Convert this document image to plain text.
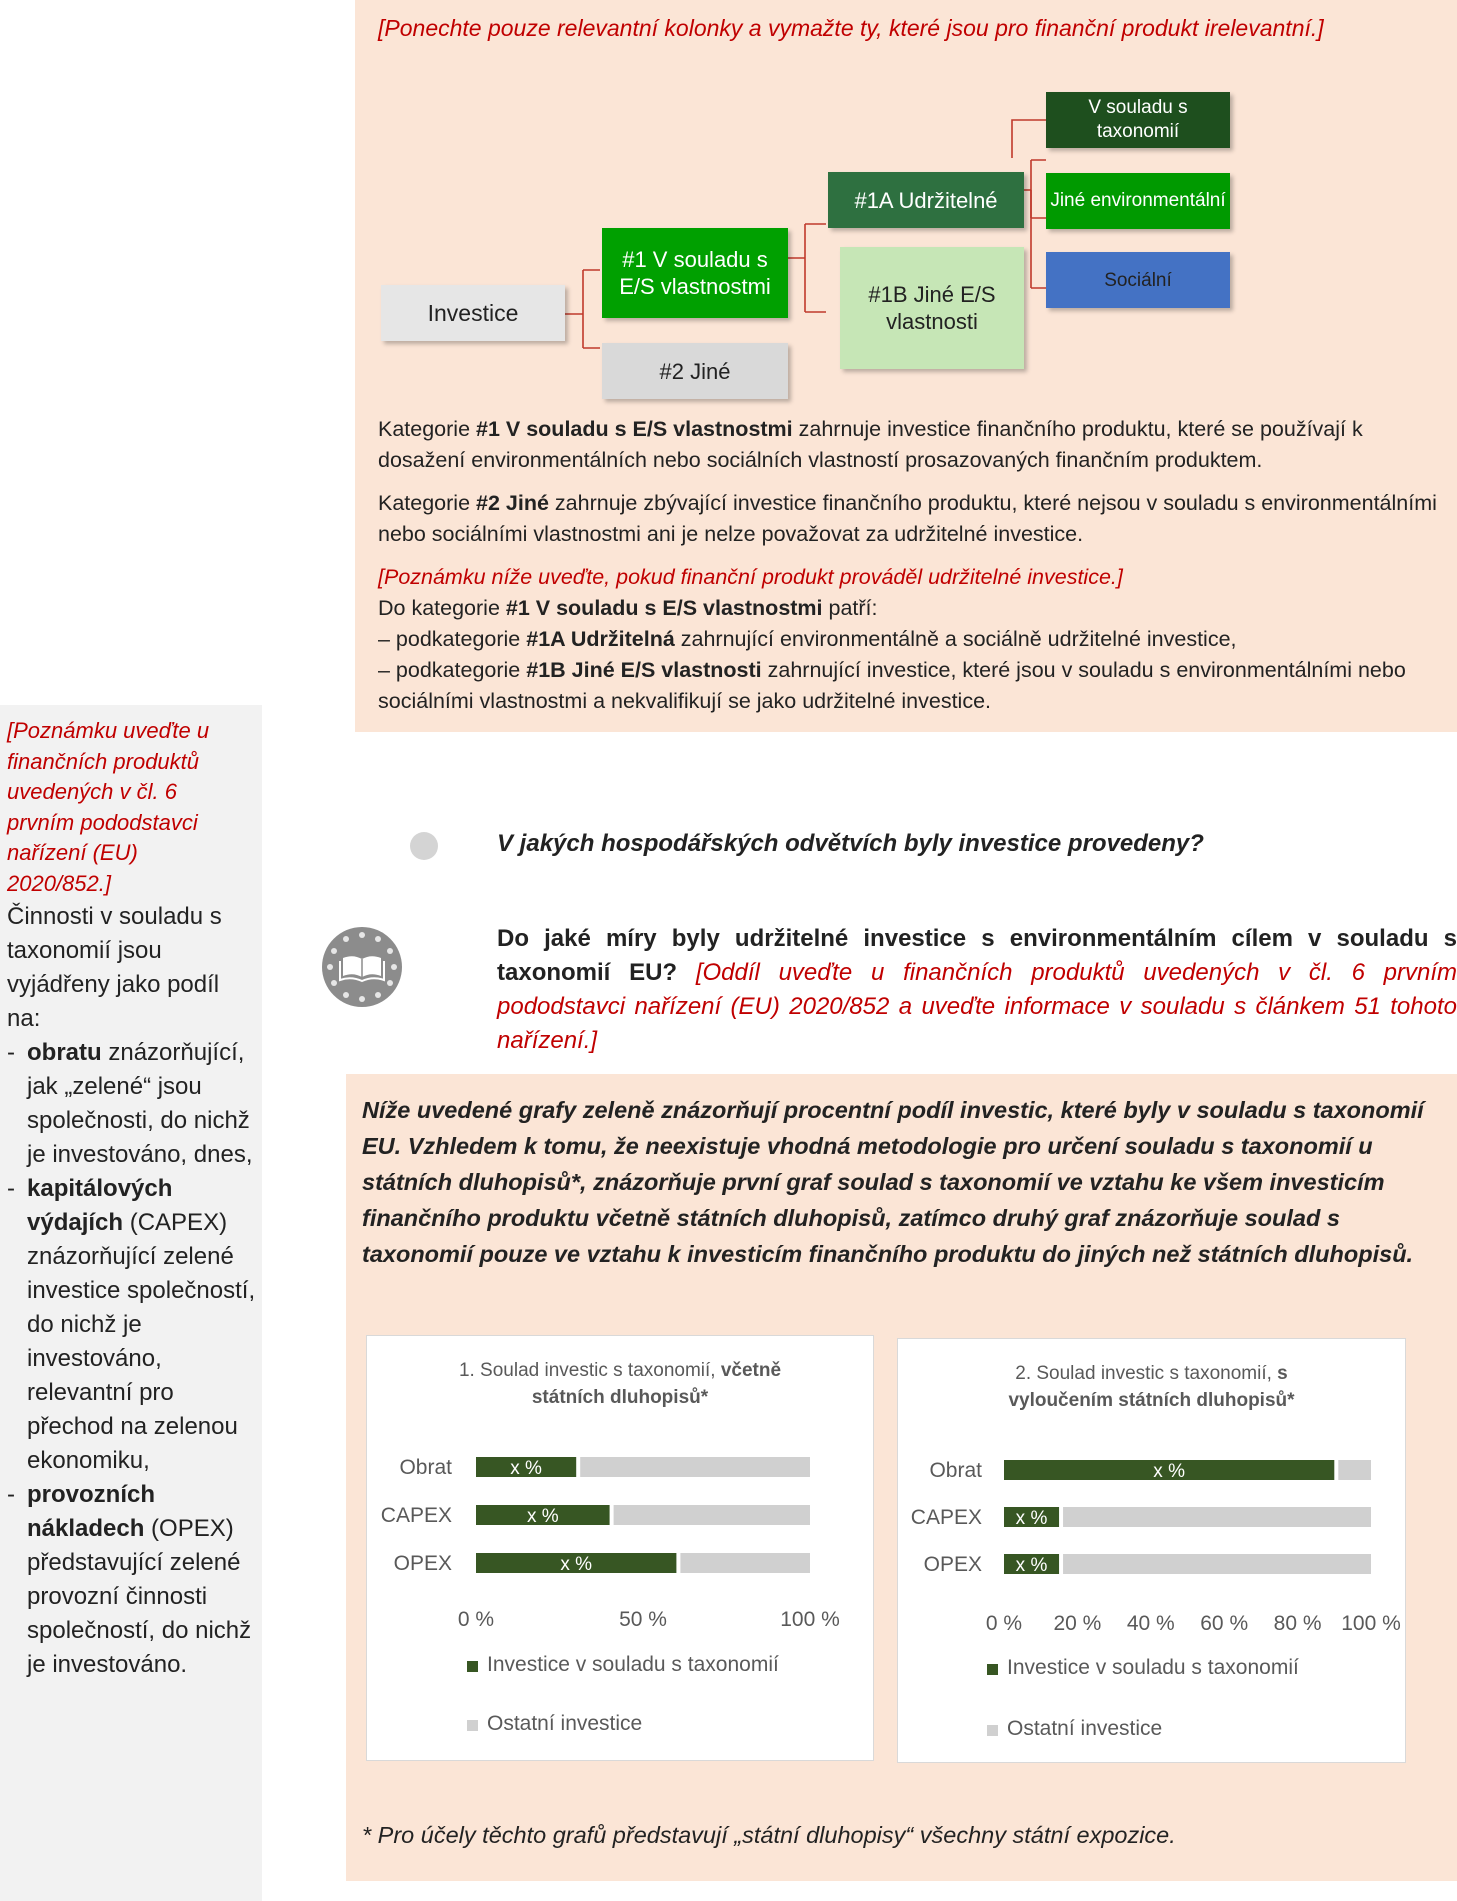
[Ponechte pouze relevantní kolonky a vymažte ty, které jsou pro finanční produkt irelevantní.]
Investice
#1 V souladu s E/S vlastnostmi
#2 Jiné
#1A Udržitelné
#1B Jiné E/S vlastnosti
V souladu s taxonomií
Jiné environmentální
Sociální

Kategorie #1 V souladu s E/S vlastnostmi zahrnuje investice finančního produktu, které se používají k dosažení environmentálních nebo sociálních vlastností prosazovaných finančním produktem.

Kategorie #2 Jiné zahrnuje zbývající investice finančního produktu, které nejsou v souladu s environmentálními nebo sociálními vlastnostmi ani je nelze považovat za udržitelné investice.

[Poznámku níže uveďte, pokud finanční produkt prováděl udržitelné investice.]
Do kategorie #1 V souladu s E/S vlastnostmi patří:
– podkategorie #1A Udržitelná zahrnující environmentálně a sociálně udržitelné investice,
– podkategorie #1B Jiné E/S vlastnosti zahrnující investice, které jsou v souladu s environmentálními nebo sociálními vlastnostmi a nekvalifikují se jako udržitelné investice.
[Poznámku uveďte u finančních produktů uvedených v čl. 6 prvním pododstavci nařízení (EU) 2020/852.]
Činnosti v souladu s taxonomií jsou vyjádřeny jako podíl na:
- obratu znázorňující, jak „zelené“ jsou společnosti, do nichž je investováno, dnes,
- kapitálových výdajích (CAPEX) znázorňující zelené investice společností, do nichž je investováno, relevantní pro přechod na zelenou ekonomiku,
- provozních nákladech (OPEX) představující zelené provozní činnosti společností, do nichž je investováno.
V jakých hospodářských odvětvích byly investice provedeny?
Do jaké míry byly udržitelné investice s environmentálním cílem v souladu s taxonomií EU? [Oddíl uveďte u finančních produktů uvedených v čl. 6 prvním pododstavci nařízení (EU) 2020/852 a uveďte informace v souladu s článkem 51 tohoto nařízení.]
Níže uvedené grafy zeleně znázorňují procentní podíl investic, které byly v souladu s taxonomií EU. Vzhledem k tomu, že neexistuje vhodná metodologie pro určení souladu s taxonomií u státních dluhopisů*, znázorňuje první graf soulad s taxonomií ve vztahu ke všem investicím finančního produktu včetně státních dluhopisů, zatímco druhý graf znázorňuje soulad s taxonomií pouze ve vztahu k investicím finančního produktu do jiných než státních dluhopisů.
1. Soulad investic s taxonomií, včetně státních dluhopisů*
Obrat	x %
CAPEX	x %
OPEX	x %
0 %	50 %	100 %
Investice v souladu s taxonomií
Ostatní investice
2. Soulad investic s taxonomií, s vyloučením státních dluhopisů*
Obrat	x %
CAPEX x %
OPEX x %
0 % 20 % 40 % 60 % 80 % 100 %
Investice v souladu s taxonomií
Ostatní investice
* Pro účely těchto grafů představují „státní dluhopisy“ všechny státní expozice.
